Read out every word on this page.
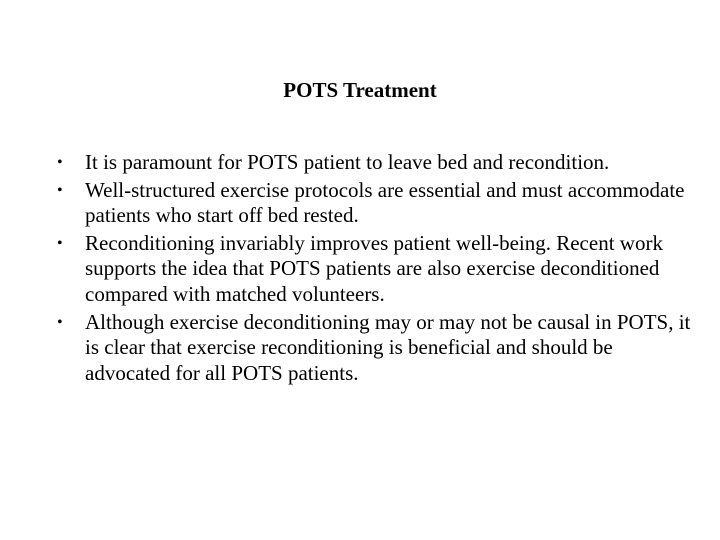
POTS Treatment
•	It is paramount for POTS patient to leave bed and recondition.
•	Well-structured exercise protocols are essential and must accommodate patients who start off bed rested.
•	Reconditioning invariably improves patient well-being. Recent work supports the idea that POTS patients are also exercise deconditioned compared with matched volunteers.
•	Although exercise deconditioning may or may not be causal in POTS, it is clear that exercise reconditioning is beneficial and should be advocated for all POTS patients.
